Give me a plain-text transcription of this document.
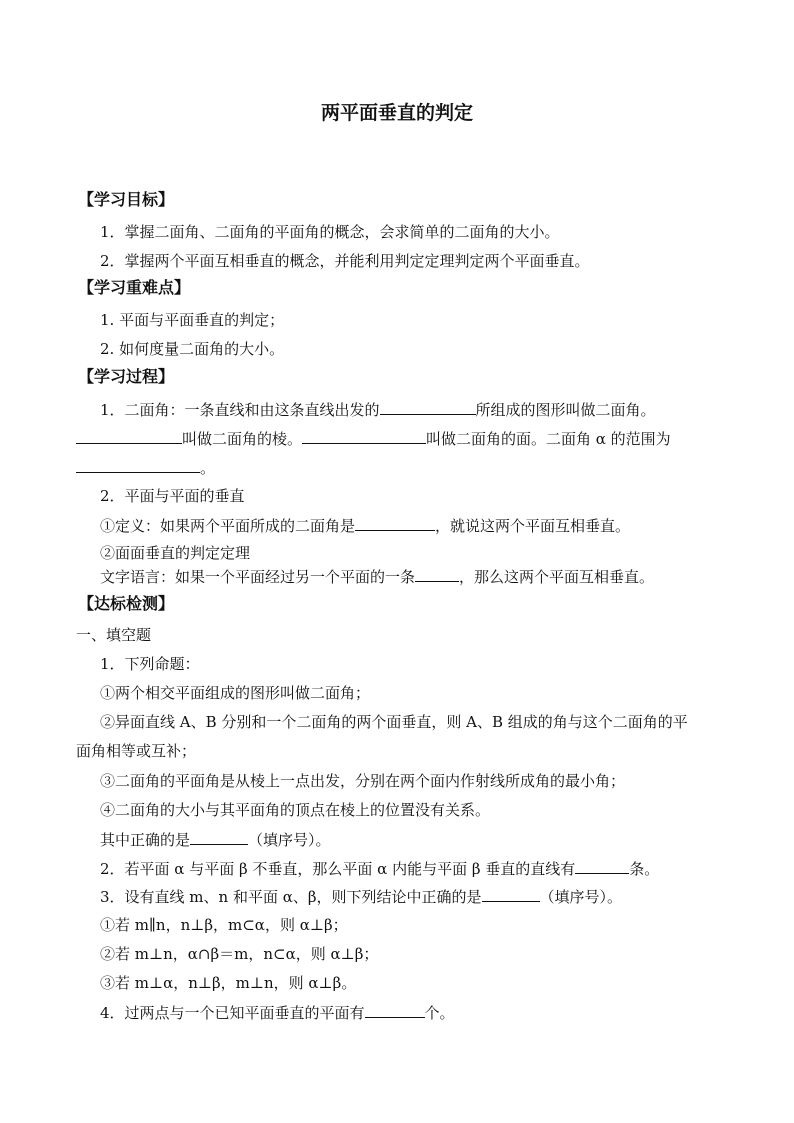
两平面垂直的判定
【学习目标】
1．掌握二面角、二面角的平面角的概念，会求简单的二面角的大小。
2．掌握两个平面互相垂直的概念，并能利用判定定理判定两个平面垂直。
【学习重难点】
1. 平面与平面垂直的判定；
2. 如何度量二面角的大小。
【学习过程】
1．二面角：一条直线和由这条直线出发的	所组成的图形叫做二面角。
叫做二面角的棱。	叫做二面角的面。二面角 α 的范围为
。
2．平面与平面的垂直
①定义：如果两个平面所成的二面角是	，就说这两个平面互相垂直。
②面面垂直的判定定理
文字语言：如果一个平面经过另一个平面的一条	，那么这两个平面互相垂直。
【达标检测】
一、填空题
1．下列命题：
①两个相交平面组成的图形叫做二面角；
②异面直线 A、B 分别和一个二面角的两个面垂直，则 A、B 组成的角与这个二面角的平
面角相等或互补；
③二面角的平面角是从棱上一点出发，分别在两个面内作射线所成角的最小角；
④二面角的大小与其平面角的顶点在棱上的位置没有关系。
其中正确的是	（填序号）。
2．若平面 α 与平面 β 不垂直，那么平面 α 内能与平面 β 垂直的直线有	条。
3．设有直线 m、n 和平面 α、β，则下列结论中正确的是	（填序号）。
①若 m∥n，n⊥β，m⊂α，则 α⊥β；
②若 m⊥n，α∩β＝m，n⊂α，则 α⊥β；
③若 m⊥α，n⊥β，m⊥n，则 α⊥β。
4．过两点与一个已知平面垂直的平面有	个。
